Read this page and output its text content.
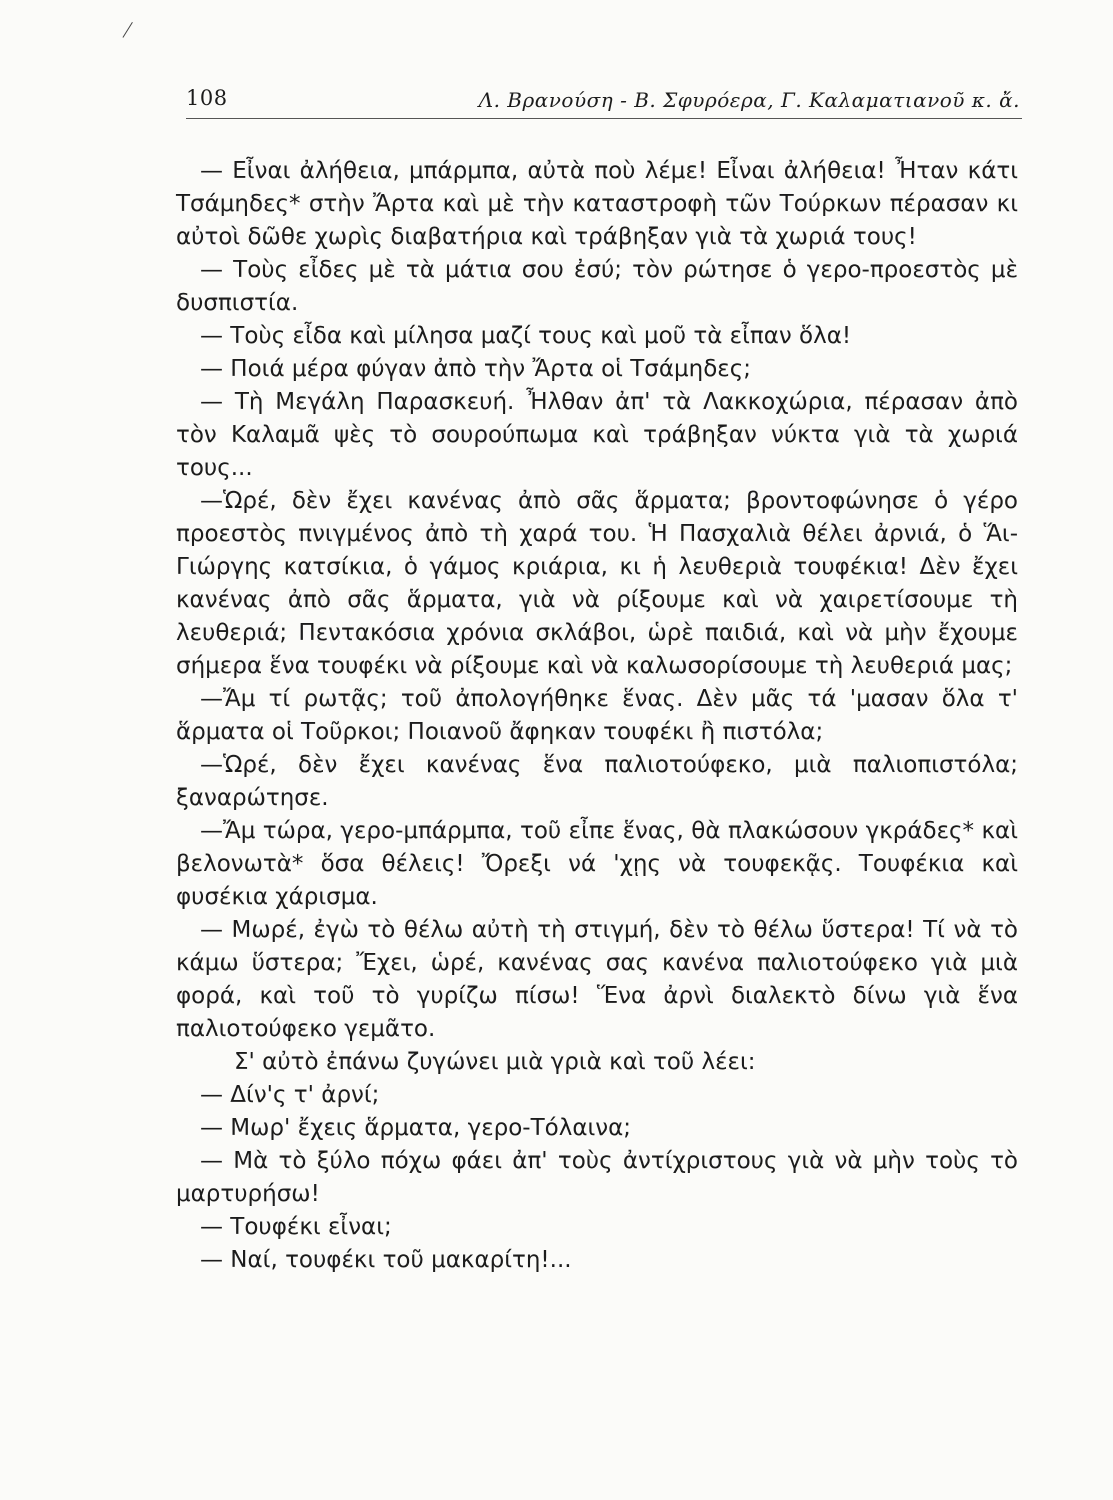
108	Λ. Βρανούση - Β. Σφυρόερα, Γ. Καλαματιανοῦ κ. ἄ.

— Εἶναι ἀλήθεια, μπάρμπα, αὐτὰ ποὺ λέμε! Εἶναι ἀλήθεια! Ἦταν κάτι Τσάμηδες* στὴν Ἄρτα καὶ μὲ τὴν καταστροφὴ τῶν Τούρκων πέρασαν κι αὐτοὶ δῶθε χωρὶς διαβατήρια καὶ τράβηξαν γιὰ τὰ χωριά τους!

— Τοὺς εἶδες μὲ τὰ μάτια σου ἐσύ; τὸν ρώτησε ὁ γερο-προεστὸς μὲ δυσπιστία.

— Τοὺς εἶδα καὶ μίλησα μαζί τους καὶ μοῦ τὰ εἶπαν ὅλα!

— Ποιά μέρα φύγαν ἀπὸ τὴν Ἄρτα οἱ Τσάμηδες;

— Τὴ Μεγάλη Παρασκευή. Ἦλθαν ἀπ' τὰ Λακκοχώρια, πέρασαν ἀπὸ τὸν Καλαμᾶ ψὲς τὸ σουρούπωμα καὶ τράβηξαν νύκτα γιὰ τὰ χωριά τους...

—Ὡρέ, δὲν ἔχει κανένας ἀπὸ σᾶς ἅρματα; βροντοφώνησε ὁ γέρο προεστὸς πνιγμένος ἀπὸ τὴ χαρά του. Ἡ Πασχαλιὰ θέλει ἀρνιά, ὁ Ἅι-Γιώργης κατσίκια, ὁ γάμος κριάρια, κι ἡ λευθεριὰ τουφέκια! Δὲν ἔχει κανένας ἀπὸ σᾶς ἅρματα, γιὰ νὰ ρίξουμε καὶ νὰ χαιρετίσουμε τὴ λευθεριά; Πεντακόσια χρόνια σκλάβοι, ὡρὲ παιδιά, καὶ νὰ μὴν ἔχουμε σήμερα ἕνα τουφέκι νὰ ρίξουμε καὶ νὰ καλωσορίσουμε τὴ λευθεριά μας;

—Ἄμ τί ρωτᾷς; τοῦ ἀπολογήθηκε ἕνας. Δὲν μᾶς τά 'μασαν ὅλα τ' ἅρματα οἱ Τοῦρκοι; Ποιανοῦ ἄφηκαν τουφέκι ἢ πιστόλα;

—Ὡρέ, δὲν ἔχει κανένας ἕνα παλιοτούφεκο, μιὰ παλιοπιστόλα; ξαναρώτησε.

—Ἄμ τώρα, γερο-μπάρμπα, τοῦ εἶπε ἕνας, θὰ πλακώσουν γκράδες* καὶ βελονωτὰ* ὅσα θέλεις! Ὄρεξι νά 'χῃς νὰ τουφεκᾷς. Τουφέκια καὶ φυσέκια χάρισμα.

— Μωρέ, ἐγὼ τὸ θέλω αὐτὴ τὴ στιγμή, δὲν τὸ θέλω ὕστερα! Τί νὰ τὸ κάμω ὕστερα; Ἔχει, ὡρέ, κανένας σας κανένα παλιοτούφεκο γιὰ μιὰ φορά, καὶ τοῦ τὸ γυρίζω πίσω! Ἕνα ἀρνὶ διαλεκτὸ δίνω γιὰ ἕνα παλιοτούφεκο γεμᾶτο.

Σ' αὐτὸ ἐπάνω ζυγώνει μιὰ γριὰ καὶ τοῦ λέει:

— Δίν'ς τ' ἀρνί;

— Μωρ' ἔχεις ἅρματα, γερο-Τόλαινα;

— Μὰ τὸ ξύλο πόχω φάει ἀπ' τοὺς ἀντίχριστους γιὰ νὰ μὴν τοὺς τὸ μαρτυρήσω!

— Τουφέκι εἶναι;

— Ναί, τουφέκι τοῦ μακαρίτη!...
